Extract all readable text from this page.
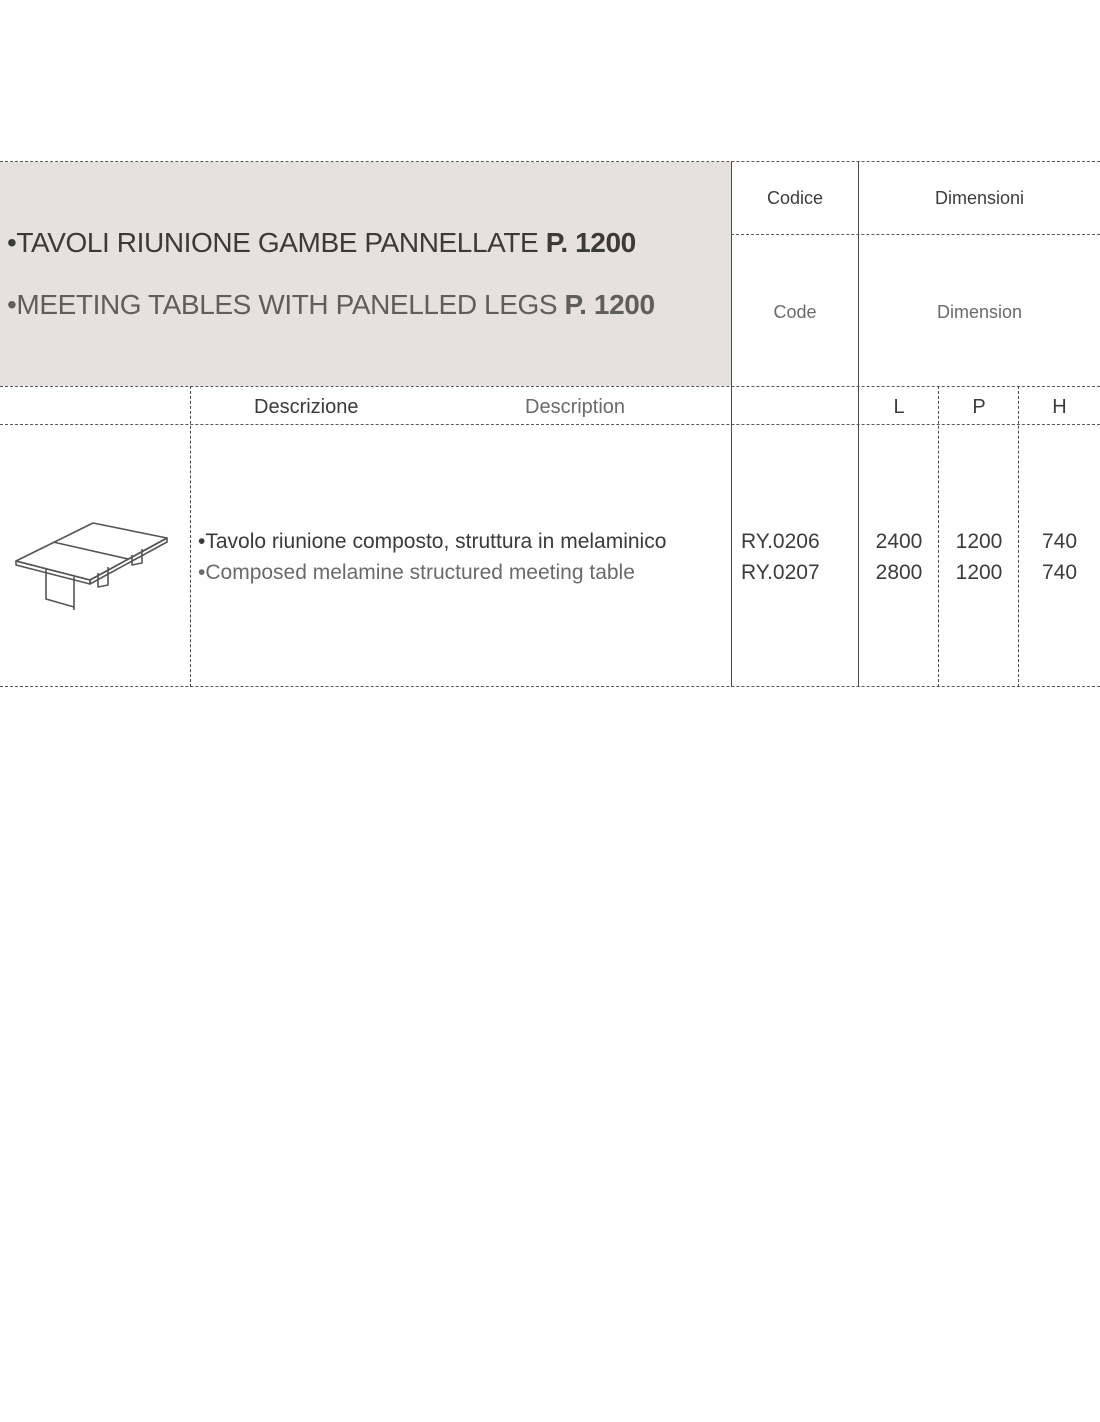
•TAVOLI RIUNIONE GAMBE PANNELLATE P. 1200
•MEETING TABLES WITH PANELLED LEGS P. 1200
Codice	Dimensioni
Code	Dimension
Descrizione	Description	L	P	H
•Tavolo riunione composto, struttura in melaminico
•Composed melamine structured meeting table
RY.0206	2400	1200	740
RY.0207	2800	1200	740
